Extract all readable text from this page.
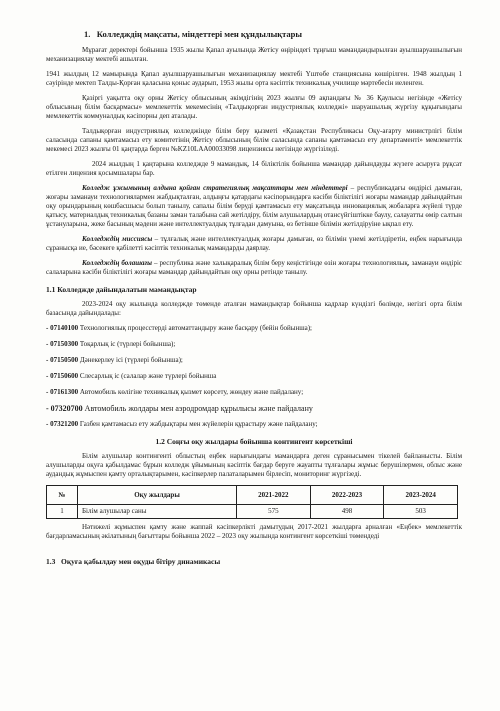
1.   Колледждің мақсаты, міндеттері мен құндылықтары

Мұрағат деректері бойынша 1935 жылы Қапал ауылында Жетісу өңіріндегі тұңғыш мамандандырылған ауылшаруашылығын механизациялау мектебі ашылған.

1941 жылдың 12 мамырында Қапал ауылшаруашылығын механизациялау мектебі Үштөбе станциясына көшірілген. 1948 жылдың 1 сәуірінде мектеп Талды-Қорған қаласына қоныс аударып, 1953 жылы орта кәсіптік техникалық училище мәртебесін иеленген.

Қазіргі уақытта оқу орны Жетісу облысының әкімдігінің 2023 жылғы 09 ақпандағы № 36 Қаулысы негізінде «Жетісу облысының білім басқармасы» мемлекеттік мекемесінің «Талдықорған индустриялық колледжі» шаруашылық жүргізу құқығындағы мемлекеттік коммуналдық кәсіпорны деп аталады.

Талдықорған индустриялық колледжінде білім беру қызметі «Қазақстан Республикасы Оқу-ағарту министрлігі білім саласында сапаны қамтамасыз ету комитетінің Жетісу облысының білім саласында сапаны қамтамасыз ету департаменті» мемлекеттік мекемесі 2023 жылғы 01 қаңтарда берген №KZ10LAA00033098 лицензиясы негізінде жүргізіледі.

2024 жылдың 1 қаңтарына колледжде 9 мамандық, 14 біліктілік бойынша мамандар дайындауды жүзеге асыруға рұқсат етілген лицензия қосымшалары бар.

Колледж ұжымының алдына қойған стратегиялық мақсаттары мен міндеттері – республикадағы өндірісі дамыған, жоғары заманауи технологиялармен жабдықталған, алдыңғы қатардағы кәсіпорындарға кәсіби біліктілігі жоғары мамандар дайындайтын оқу орындарының көшбасшысы болып танылу, сапалы білім беруді қамтамасыз ету мақсатында инновациялық жобаларға жүйелі түрде қатысу, материалдық техникалық базаны заман талабына сай жетілдіру, білім алушылардың отансүйгіштікке баулу, салауатты өмір салтын ұстануларына, жеке басының мәдени және интеллектуалдық тұлғадан дамуына, өз бетінше білімін жетілдіруіне ықпал ету.

Колледждің миссиясы – тұлғалық және интеллектуалдық жоғары дамыған, өз білімін үнемі жетілдіретін, еңбек нарығында сұранысқа ие, бәсекеге қабілетті кәсіптік техникалық мамандарды даярлау.

Колледждің болашағы – республика және халықаралық білім беру кеңістігінде өзін жоғары технологиялық, заманауи өндіріс салаларына кәсіби біліктілігі жоғары мамандар дайындайтын оқу орны ретінде танылу.

1.1 Колледжде дайындалатын мамандықтар

2023-2024 оқу жылында колледжде төменде аталған мамандықтар бойынша кадрлар күндізгі бөлімде, негізгі орта білім базасында дайындалады:

- 07140100 Технологиялық процесстерді автоматтандыру және басқару (бейін бойынша);
- 07150300 Тоқарлық іс (түрлері бойынша);
- 07150500 Дәнекерлеу ісі (түрлері бойынша);
- 07150600 Слесарлық іс (салалар және түрлері бойынша
- 07161300 Автомобиль көлігіне техникалық қызмет көрсету, жөндеу және пайдалану;
- 07320700 Автомобиль жолдары мен аэродромдар құрылысы және пайдалану
- 07321200 Газбен қамтамасыз ету жабдықтары мен жүйелерін құрастыру және пайдалану;
1.2 Соңғы оқу жылдары бойынша контингент көрсеткіші

Білім алушылар контингенті облыстың еңбек нарығындағы мамандарға деген сұранысымен тікелей байланысты. Білім алушыларды оқуға қабылдамас бұрын колледж ұйымының кәсіптік бағдар беруге жауапты тұлғалары жұмыс берушілермен, облыс және аудандық жұмыспен қамту орталықтарымен, кәсіпкерлер палаталарымен бірлесіп, мониторинг жүргізеді.

№	Оқу жылдары	2021-2022	2022-2023	2023-2024
1	Білім алушылар саны	575	498	503

Нәтижелі жұмыспен қамту және жаппай кәсіпкерлікті дамытудың 2017-2021 жылдарға арналған «Еңбек» мемлекеттік бағдарламасының әкілатының бағыттары бойынша 2022 – 2023 оқу жылында контингент көрсеткіші төмендеді

1.3   Оқуға қабылдау мен оқуды бітіру динамикасы
